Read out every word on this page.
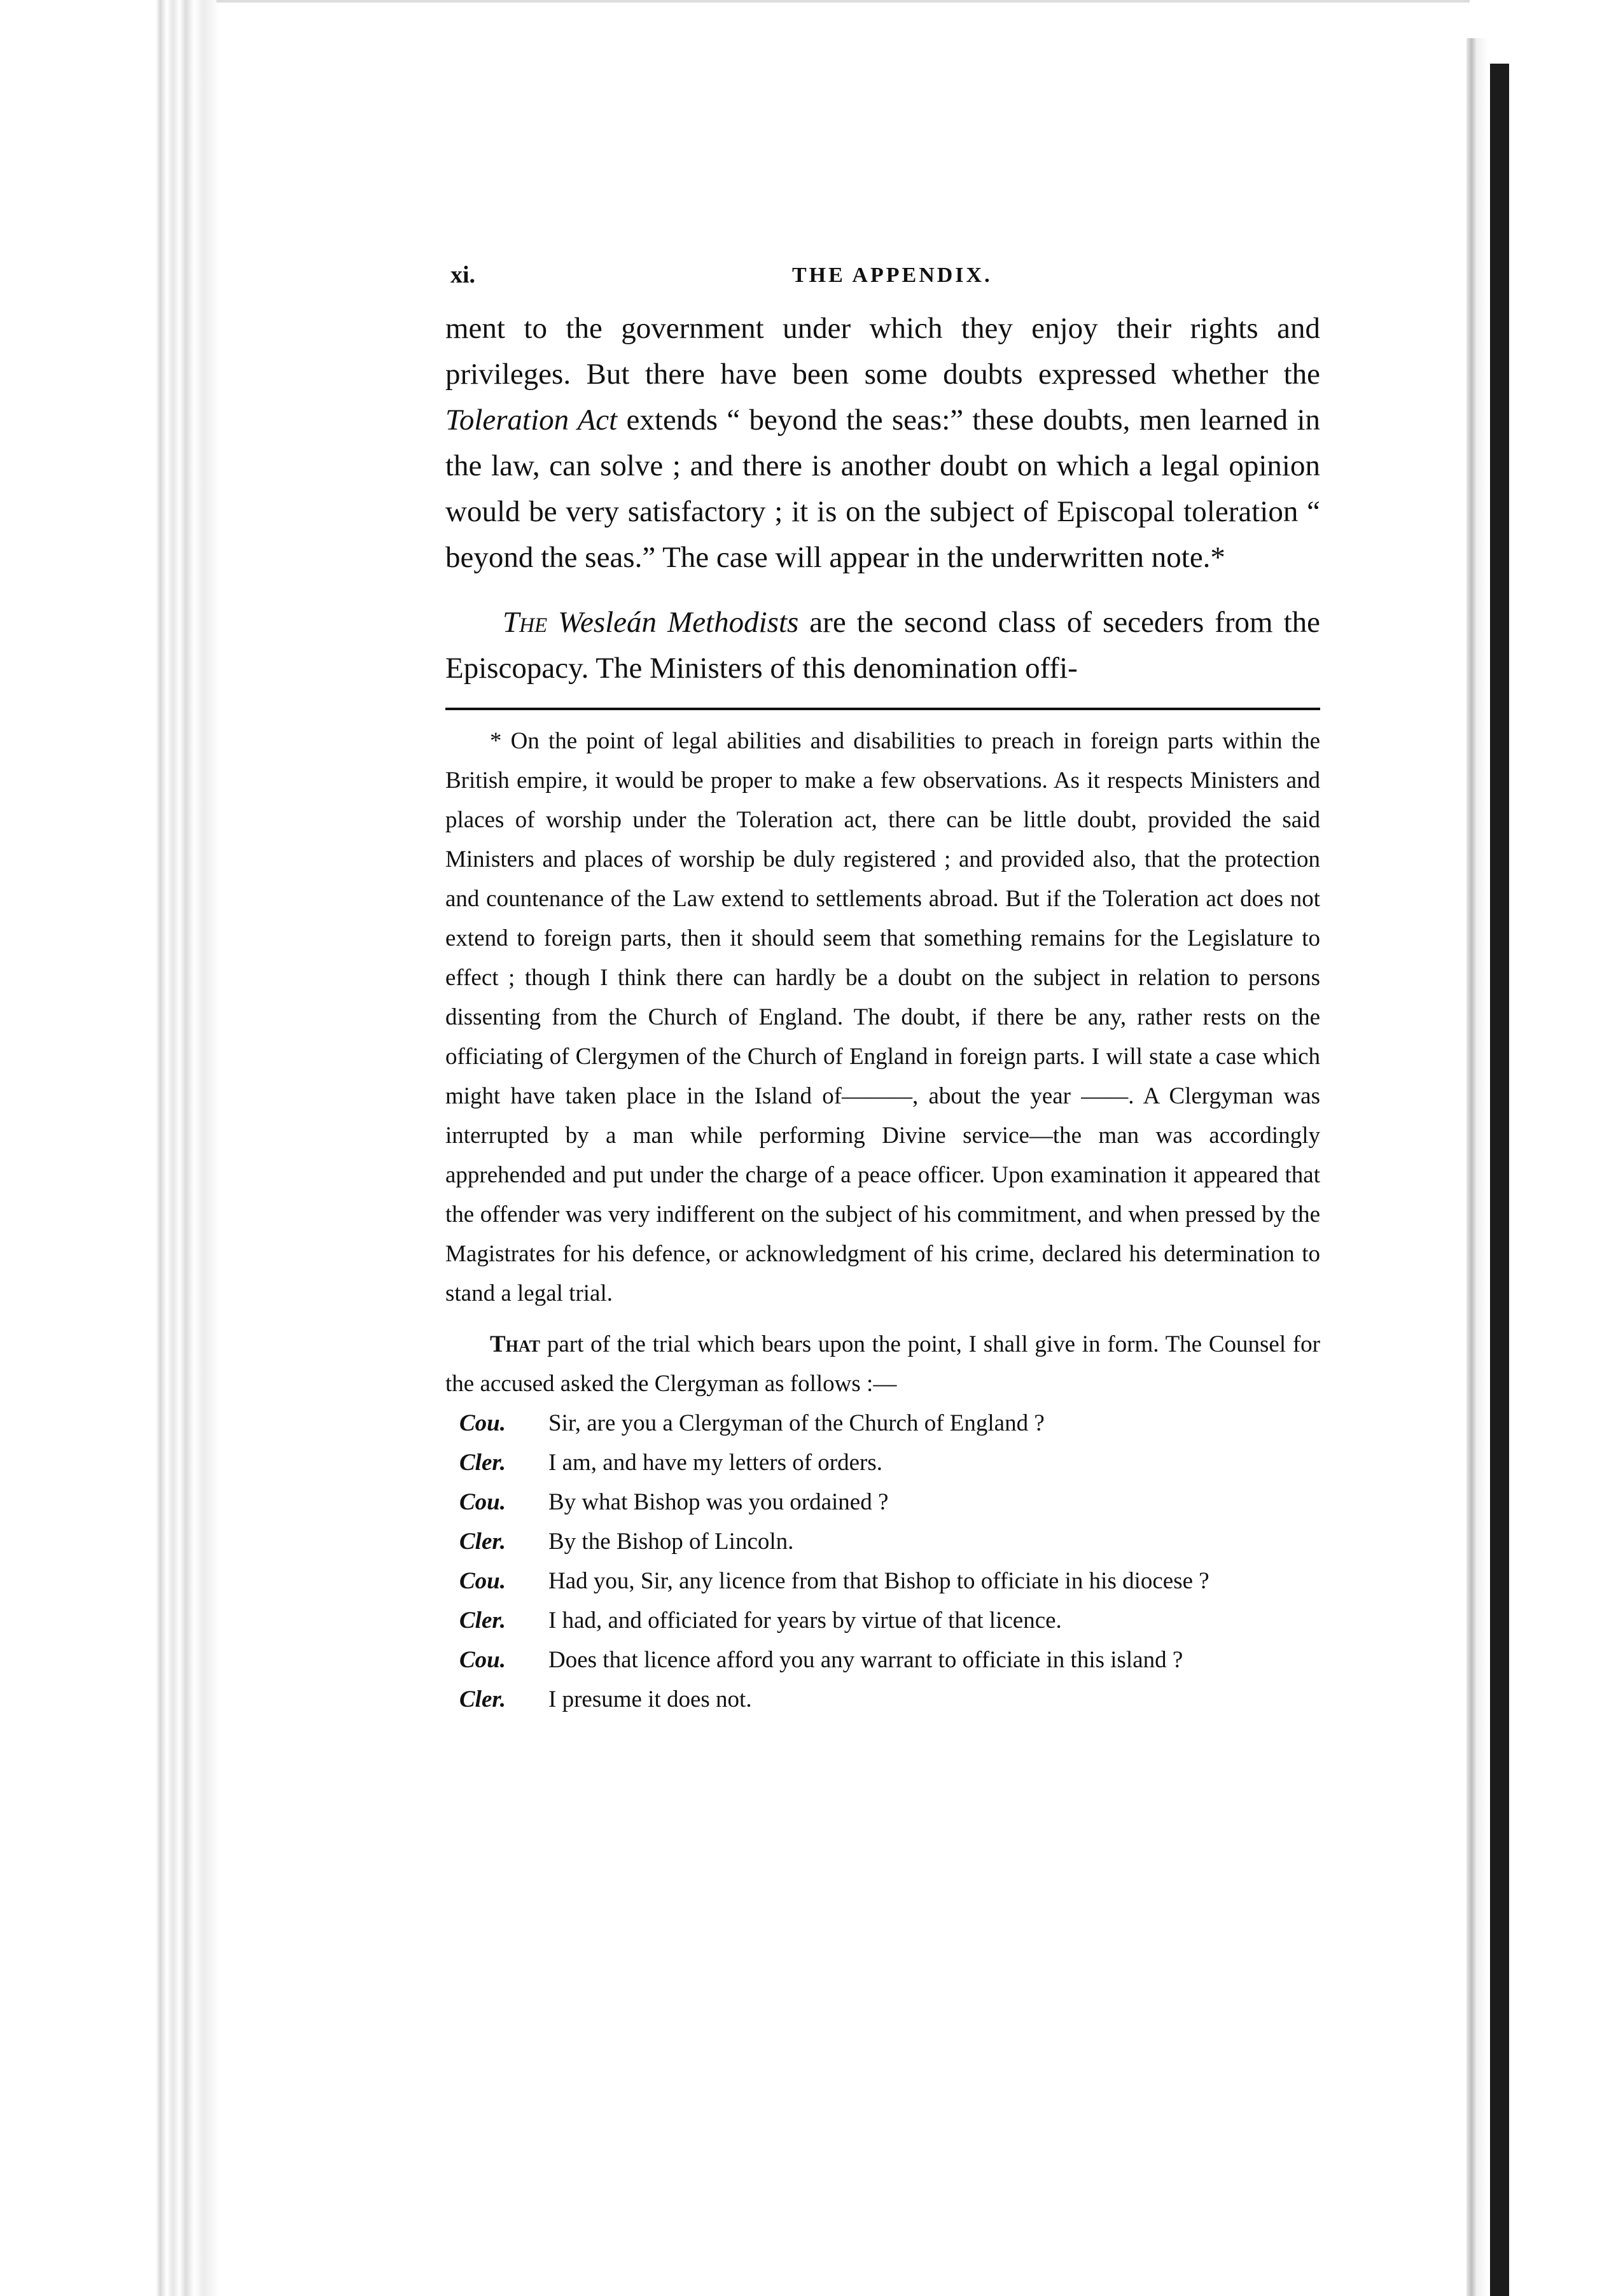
xi.	THE APPENDIX.

ment to the government under which they enjoy their rights and privileges. But there have been some doubts expressed whether the Toleration Act extends “ beyond the seas:” these doubts, men learned in the law, can solve ; and there is another doubt on which a legal opinion would be very satisfactory ; it is on the subject of Episcopal toleration “ beyond the seas.” The case will appear in the underwritten note.*

The Wesleán Methodists are the second class of seceders from the Episcopacy. The Ministers of this denomination offi-

* On the point of legal abilities and disabilities to preach in foreign parts within the British empire, it would be proper to make a few observations. As it respects Ministers and places of worship under the Toleration act, there can be little doubt, provided the said Ministers and places of worship be duly registered ; and provided also, that the protection and countenance of the Law extend to settlements abroad. But if the Toleration act does not extend to foreign parts, then it should seem that something remains for the Legislature to effect ; though I think there can hardly be a doubt on the subject in relation to persons dissenting from the Church of England. The doubt, if there be any, rather rests on the officiating of Clergymen of the Church of England in foreign parts. I will state a case which might have taken place in the Island of———, about the year ——. A Clergyman was interrupted by a man while performing Divine service—the man was accordingly apprehended and put under the charge of a peace officer. Upon examination it appeared that the offender was very indifferent on the subject of his commitment, and when pressed by the Magistrates for his defence, or acknowledgment of his crime, declared his determination to stand a legal trial.

That part of the trial which bears upon the point, I shall give in form. The Counsel for the accused asked the Clergyman as follows :—

Cou.	Sir, are you a Clergyman of the Church of England ?
Cler.	I am, and have my letters of orders.
Cou.	By what Bishop was you ordained ?
Cler.	By the Bishop of Lincoln.
Cou.	Had you, Sir, any licence from that Bishop to officiate in his diocese ?
Cler.	I had, and officiated for years by virtue of that licence.
Cou.	Does that licence afford you any warrant to officiate in this island ?
Cler.	I presume it does not.
